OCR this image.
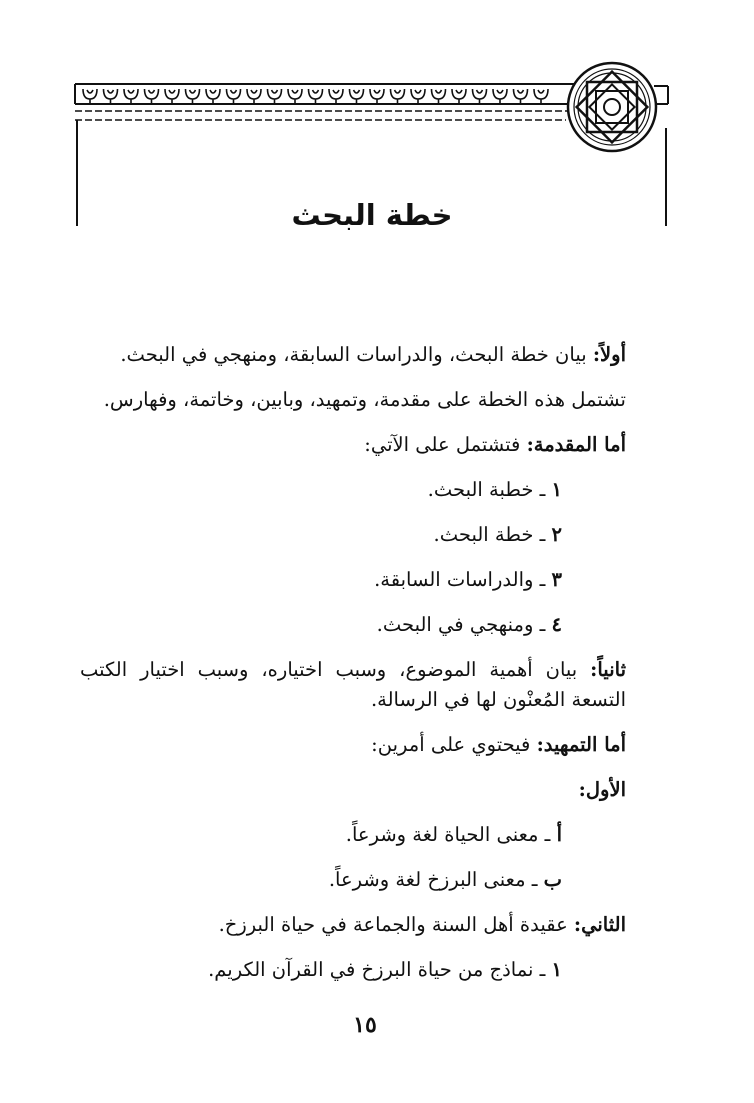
خطة البحث

أولاً: بيان خطة البحث، والدراسات السابقة، ومنهجي في البحث.

تشتمل هذه الخطة على مقدمة، وتمهيد، وبابين، وخاتمة، وفهارس.

أما المقدمة: فتشتمل على الآتي:

١ ـ خطبة البحث.

٢ ـ خطة البحث.

٣ ـ والدراسات السابقة.

٤ ـ ومنهجي في البحث.

ثانياً: بيان أهمية الموضوع، وسبب اختياره، وسبب اختيار الكتب التسعة المُعنْون لها في الرسالة.

أما التمهيد: فيحتوي على أمرين:

الأول:

أ ـ معنى الحياة لغة وشرعاً.

ب ـ معنى البرزخ لغة وشرعاً.

الثاني: عقيدة أهل السنة والجماعة في حياة البرزخ.

١ ـ نماذج من حياة البرزخ في القرآن الكريم.

١٥
